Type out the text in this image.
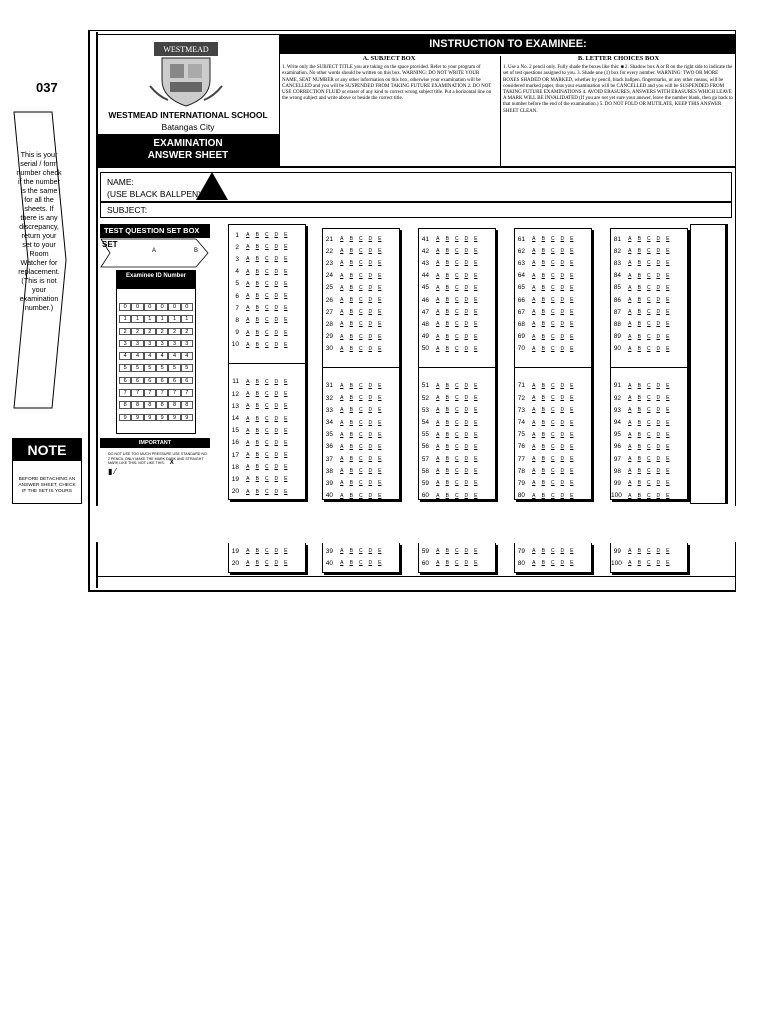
037
This is your serial / form number check if the number is the same for all the sheets. If there is any discrepancy, return your set to your Room Watcher for replacement. (This is not your examination number.)
NOTE
BEFORE DETACHING AN ANSWER SHEET, CHECK IF THE SET IS YOURS
WESTMEAD
WESTMEAD INTERNATIONAL SCHOOL
Batangas City
EXAMINATION
ANSWER SHEET
INSTRUCTION TO EXAMINEE:
A. SUBJECT BOX
1. Write only the SUBJECT TITLE you are taking on the space provided. Refer to your program of examination. No other words should be written on this box. WARNING: DO NOT WRITE YOUR NAME, SEAT NUMBER or any other information on this box, otherwise your examination will be CANCELLED and you will be SUSPENDED FROM TAKING FUTURE EXAMINATION 2. DO NOT USE CORRECTION FLUID or eraser of any kind to correct wrong subject title. Put a horizontal line on the wrong subject and write above or beside the correct title.
B. LETTER CHOICES BOX
1. Use a No. 2 pencil only. Fully shade the boxes like this: ■ 2. Shadow box A or B on the right side to indicate the set of test questions assigned to you. 3. Shade one (1) box for every number. WARNING: TWO OR MORE BOXES SHADED OR MARKED, whether by pencil, black ballpen, fingermarks, or any other means, will be considered marked paper, thus your examination will be CANCELLED and you will be SUSPENDED FROM TAKING FUTURE EXAMINATIONS 4. AVOID ERASURES, ANSWERS WITH ERASURES WHICH LEAVE A MARK WILL BE INVALIDATED (If you are not yet sure your answer, leave the number blank, then go back to that number before the end of the examination.) 5. DO NOT FOLD OR MUTILATE, KEEP THIS ANSWER SHEET CLEAN.
NAME:
(USE BLACK BALLPEN)
SUBJECT:
TEST QUESTION SET BOX
SET
A	B
Examinee ID Number
0	0	0	0	0	0
1	1	1	1	1	1
2	2	2	2	2	2
3	3	3	3	3	3
4	4	4	4	4	4
5	5	5	5	5	5
6	6	6	6	6	6
7	7	7	7	7	7
8	8	8	8	8	8
9	9	9	9	9	9
IMPORTANT
DO NOT USE TOO MUCH PRESSURE USE STANDARD NO. 2 PENCIL ONLY MAKE THE MARK DARK AND STRAIGHT MARK LIKE THIS: NOT LIKE THIS: X
▮ ⁄
1	A	B	C	D	E
2	A	B	C	D	E
3	A	B	C	D	E
4	A	B	C	D	E
5	A	B	C	D	E
6	A	B	C	D	E
7	A	B	C	D	E
8	A	B	C	D	E
9	A	B	C	D	E
10	A	B	C	D	E
11	A	B	C	D	E
12	A	B	C	D	E
13	A	B	C	D	E
14	A	B	C	D	E
15	A	B	C	D	E
16	A	B	C	D	E
17	A	B	C	D	E
18	A	B	C	D	E
19	A	B	C	D	E
20	A	B	C	D	E
21	A	B	C	D	E
22	A	B	C	D	E
23	A	B	C	D	E
24	A	B	C	D	E
25	A	B	C	D	E
26	A	B	C	D	E
27	A	B	C	D	E
28	A	B	C	D	E
29	A	B	C	D	E
30	A	B	C	D	E
31	A	B	C	D	E
32	A	B	C	D	E
33	A	B	C	D	E
34	A	B	C	D	E
35	A	B	C	D	E
36	A	B	C	D	E
37	A	B	C	D	E
38	A	B	C	D	E
39	A	B	C	D	E
40	A	B	C	D	E
41	A	B	C	D	E
42	A	B	C	D	E
43	A	B	C	D	E
44	A	B	C	D	E
45	A	B	C	D	E
46	A	B	C	D	E
47	A	B	C	D	E
48	A	B	C	D	E
49	A	B	C	D	E
50	A	B	C	D	E
51	A	B	C	D	E
52	A	B	C	D	E
53	A	B	C	D	E
54	A	B	C	D	E
55	A	B	C	D	E
56	A	B	C	D	E
57	A	B	C	D	E
58	A	B	C	D	E
59	A	B	C	D	E
60	A	B	C	D	E
61	A	B	C	D	E
62	A	B	C	D	E
63	A	B	C	D	E
64	A	B	C	D	E
65	A	B	C	D	E
66	A	B	C	D	E
67	A	B	C	D	E
68	A	B	C	D	E
69	A	B	C	D	E
70	A	B	C	D	E
71	A	B	C	D	E
72	A	B	C	D	E
73	A	B	C	D	E
74	A	B	C	D	E
75	A	B	C	D	E
76	A	B	C	D	E
77	A	B	C	D	E
78	A	B	C	D	E
79	A	B	C	D	E
80	A	B	C	D	E
81	A	B	C	D	E
82	A	B	C	D	E
83	A	B	C	D	E
84	A	B	C	D	E
85	A	B	C	D	E
86	A	B	C	D	E
87	A	B	C	D	E
88	A	B	C	D	E
89	A	B	C	D	E
90	A	B	C	D	E
91	A	B	C	D	E
92	A	B	C	D	E
93	A	B	C	D	E
94	A	B	C	D	E
95	A	B	C	D	E
96	A	B	C	D	E
97	A	B	C	D	E
98	A	B	C	D	E
99	A	B	C	D	E
100	A	B	C	D	E
19	A	B	C	D	E
20	A	B	C	D	E
39	A	B	C	D	E
40	A	B	C	D	E
59	A	B	C	D	E
60	A	B	C	D	E
79	A	B	C	D	E
80	A	B	C	D	E
99	A	B	C	D	E
100	A	B	C	D	E
